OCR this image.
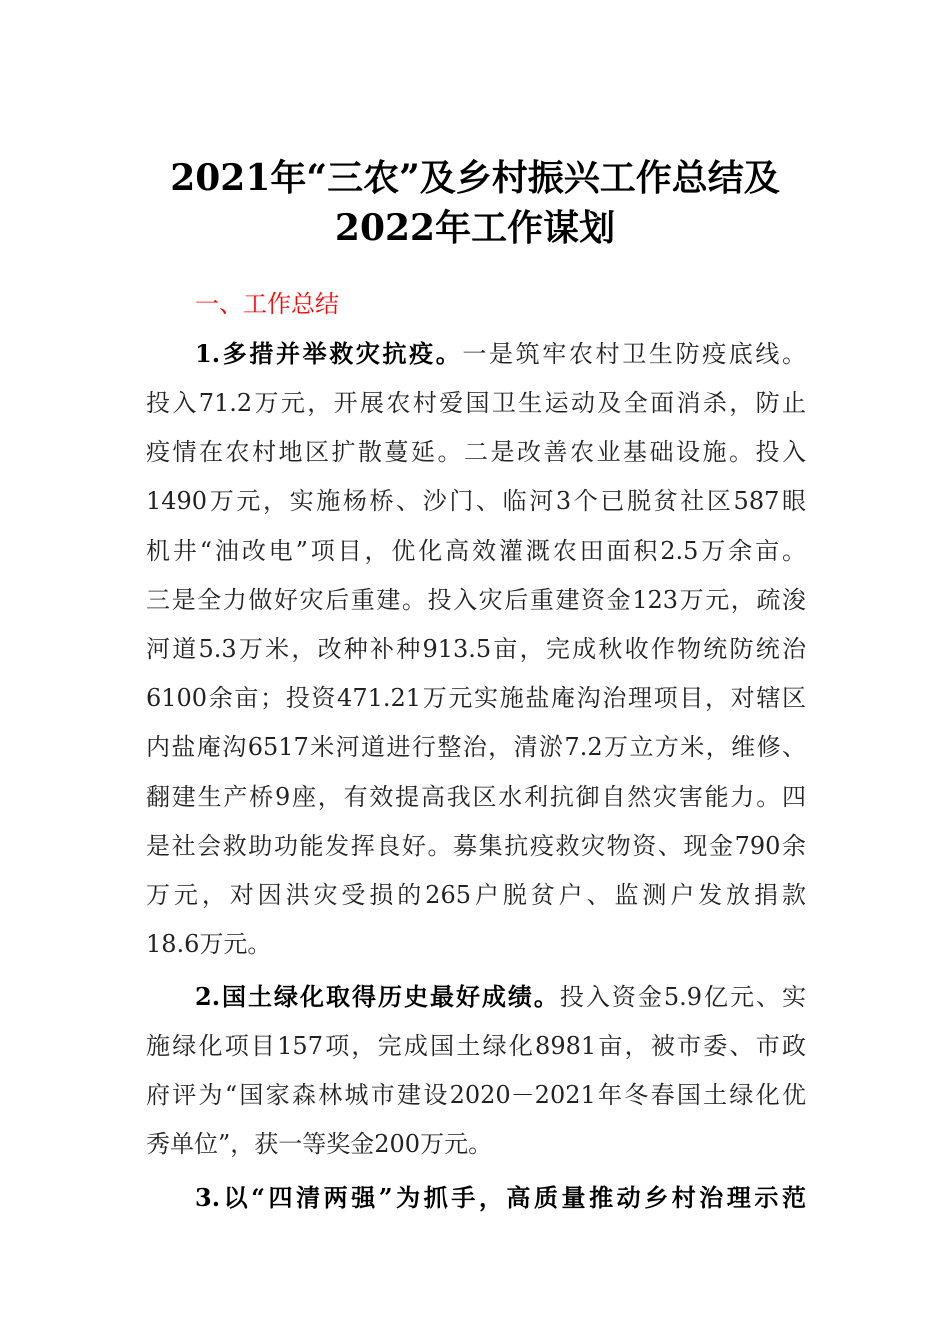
2021年“三农”及乡村振兴工作总结及
2022年工作谋划
一、工作总结
1.多措并举救灾抗疫。一是筑牢农村卫生防疫底线。
投入71.2万元，开展农村爱国卫生运动及全面消杀，防止
疫情在农村地区扩散蔓延。二是改善农业基础设施。投入
1490万元，实施杨桥、沙门、临河3个已脱贫社区587眼
机井“油改电”项目，优化高效灌溉农田面积2.5万余亩。
三是全力做好灾后重建。投入灾后重建资金123万元，疏浚
河道5.3万米，改种补种913.5亩，完成秋收作物统防统治
6100余亩；投资471.21万元实施盐庵沟治理项目，对辖区
内盐庵沟6517米河道进行整治，清淤7.2万立方米，维修、
翻建生产桥9座，有效提高我区水利抗御自然灾害能力。四
是社会救助功能发挥良好。募集抗疫救灾物资、现金790余
万元，对因洪灾受损的265户脱贫户、监测户发放捐款
18.6万元。
2.国土绿化取得历史最好成绩。投入资金5.9亿元、实
施绿化项目157项，完成国土绿化8981亩，被市委、市政
府评为“国家森林城市建设2020－2021年冬春国土绿化优
秀单位”，获一等奖金200万元。
3.以“四清两强”为抓手，高质量推动乡村治理示范
